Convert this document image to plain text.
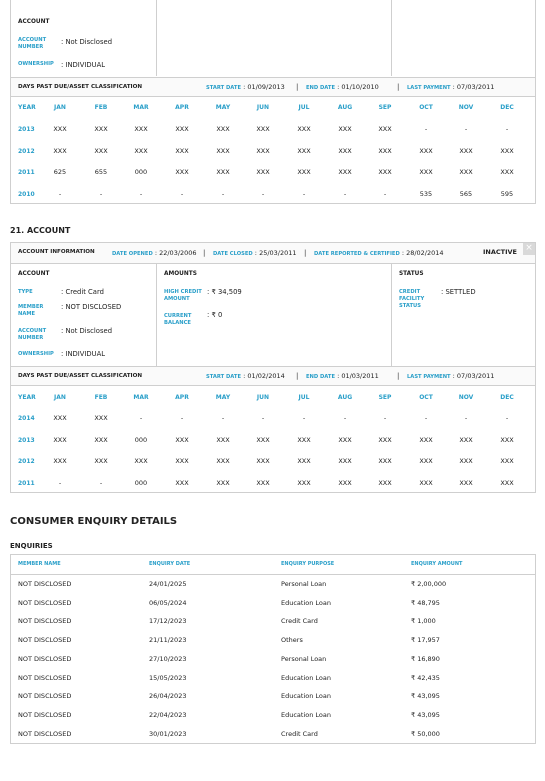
ACCOUNT
ACCOUNT NUMBER
: Not Disclosed
OWNERSHIP : INDIVIDUAL
DAYS PAST DUE/ASSET CLASSIFICATION	START DATE : 01/09/2013 | END DATE : 01/10/2010	| LAST PAYMENT : 07/03/2011
YEAR	JAN	FEB	MAR	APR	MAY	JUN	JUL	AUG	SEP	OCT	NOV	DEC
2013	XXX	XXX	XXX	XXX	XXX	XXX	XXX	XXX	XXX	-	-	-
2012	XXX	XXX	XXX	XXX	XXX	XXX	XXX	XXX	XXX	XXX	XXX	XXX
2011	625	655	000	XXX	XXX	XXX	XXX	XXX	XXX	XXX	XXX	XXX
2010	-	-	-	-	-	-	-	-	-	535	565	595
21. ACCOUNT
ACCOUNT INFORMATION	DATE OPENED : 22/03/2006 | DATE CLOSED : 25/03/2011 | DATE REPORTED & CERTIFIED : 28/02/2014	INACTIVE ×
ACCOUNT	AMOUNTS	STATUS
TYPE	: Credit Card
MEMBER NAME
: NOT DISCLOSED
ACCOUNT NUMBER
: Not Disclosed
OWNERSHIP : INDIVIDUAL
HIGH CREDIT AMOUNT
: ₹ 34,509
CURRENT BALANCE
: ₹ 0
CREDIT FACILITY STATUS
: SETTLED
DAYS PAST DUE/ASSET CLASSIFICATION	START DATE : 01/02/2014 | END DATE : 01/03/2011	| LAST PAYMENT : 07/03/2011
YEAR	JAN	FEB	MAR	APR	MAY	JUN	JUL	AUG	SEP	OCT	NOV	DEC
2014	XXX	XXX	-	-	-	-	-	-	-	-	-	-
2013	XXX	XXX	000	XXX	XXX	XXX	XXX	XXX	XXX	XXX	XXX	XXX
2012	XXX	XXX	XXX	XXX	XXX	XXX	XXX	XXX	XXX	XXX	XXX	XXX
2011	-	-	000	XXX	XXX	XXX	XXX	XXX	XXX	XXX	XXX	XXX
CONSUMER ENQUIRY DETAILS
ENQUIRIES
MEMBER NAME	ENQUIRY DATE	ENQUIRY PURPOSE	ENQUIRY AMOUNT
NOT DISCLOSED	24/01/2025	Personal Loan	₹ 2,00,000
NOT DISCLOSED	06/05/2024	Education Loan	₹ 48,795
NOT DISCLOSED	17/12/2023	Credit Card	₹ 1,000
NOT DISCLOSED	21/11/2023	Others	₹ 17,957
NOT DISCLOSED	27/10/2023	Personal Loan	₹ 16,890
NOT DISCLOSED	15/05/2023	Education Loan	₹ 42,435
NOT DISCLOSED	26/04/2023	Education Loan	₹ 43,095
NOT DISCLOSED	22/04/2023	Education Loan	₹ 43,095
NOT DISCLOSED	30/01/2023	Credit Card	₹ 50,000
